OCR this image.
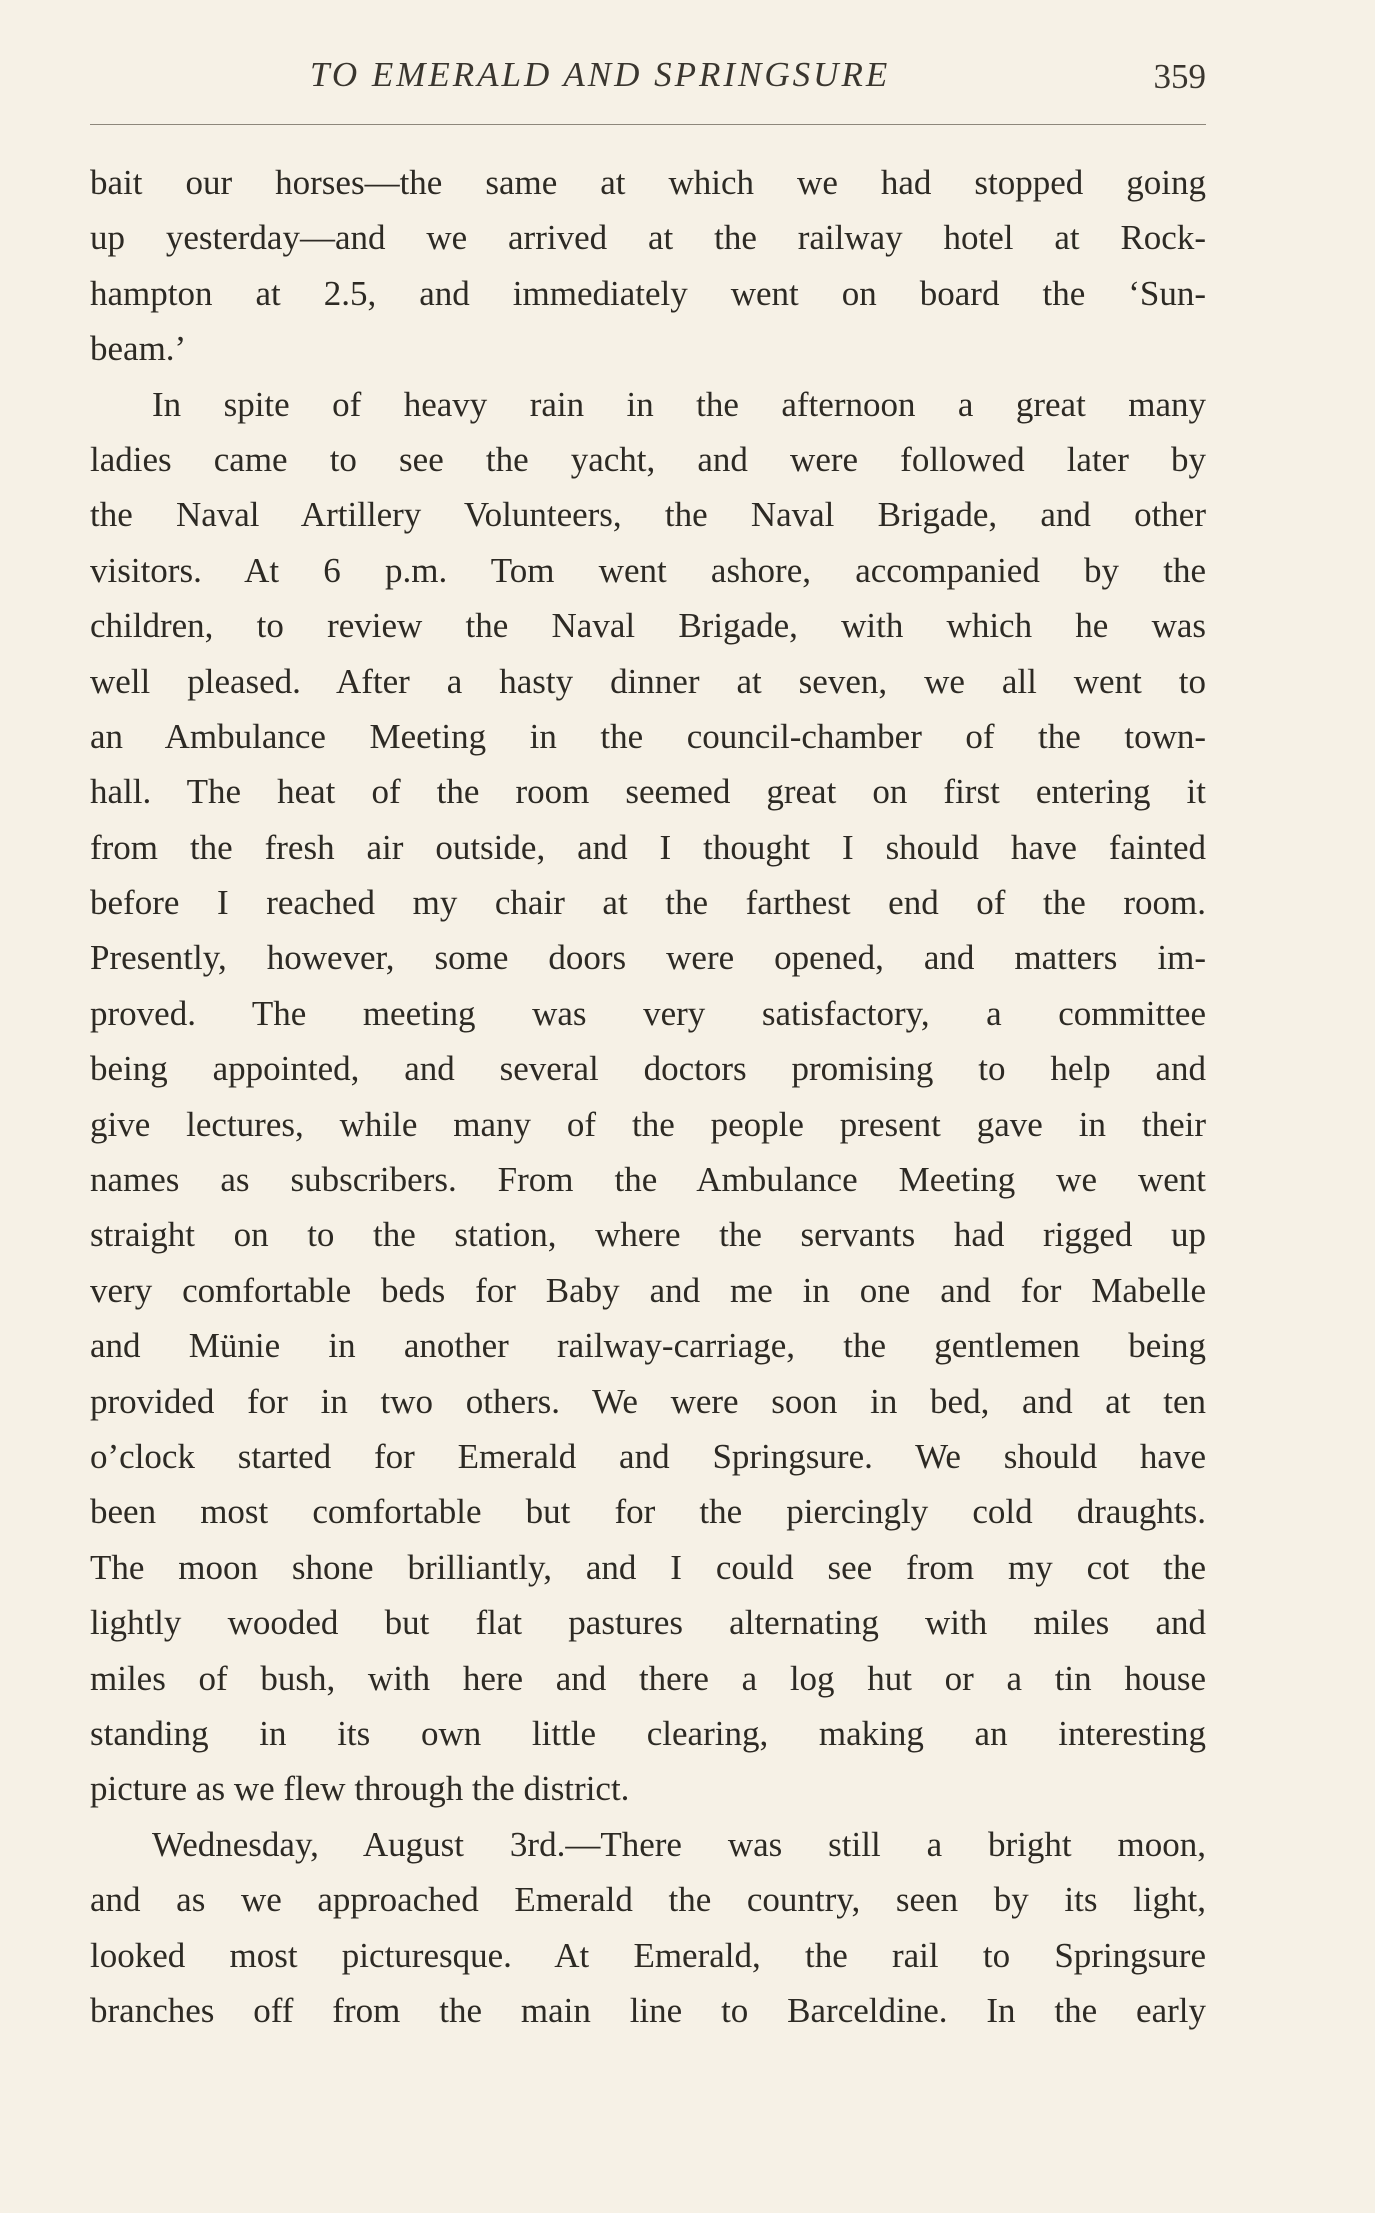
TO EMERALD AND SPRINGSURE	359
bait our horses—the same at which we had stopped going
up yesterday—and we arrived at the railway hotel at Rock-
hampton at 2.5, and immediately went on board the ‘Sun-
beam.’
In spite of heavy rain in the afternoon a great many
ladies came to see the yacht, and were followed later by
the Naval Artillery Volunteers, the Naval Brigade, and other
visitors. At 6 p.m. Tom went ashore, accompanied by the
children, to review the Naval Brigade, with which he was
well pleased. After a hasty dinner at seven, we all went to
an Ambulance Meeting in the council-chamber of the town-
hall. The heat of the room seemed great on first entering it
from the fresh air outside, and I thought I should have fainted
before I reached my chair at the farthest end of the room.
Presently, however, some doors were opened, and matters im-
proved. The meeting was very satisfactory, a committee
being appointed, and several doctors promising to help and
give lectures, while many of the people present gave in their
names as subscribers. From the Ambulance Meeting we went
straight on to the station, where the servants had rigged up
very comfortable beds for Baby and me in one and for Mabelle
and Münie in another railway-carriage, the gentlemen being
provided for in two others. We were soon in bed, and at ten
o’clock started for Emerald and Springsure. We should have
been most comfortable but for the piercingly cold draughts.
The moon shone brilliantly, and I could see from my cot the
lightly wooded but flat pastures alternating with miles and
miles of bush, with here and there a log hut or a tin house
standing in its own little clearing, making an interesting
picture as we flew through the district.
Wednesday, August 3rd.—There was still a bright moon,
and as we approached Emerald the country, seen by its light,
looked most picturesque. At Emerald, the rail to Springsure
branches off from the main line to Barceldine. In the early
